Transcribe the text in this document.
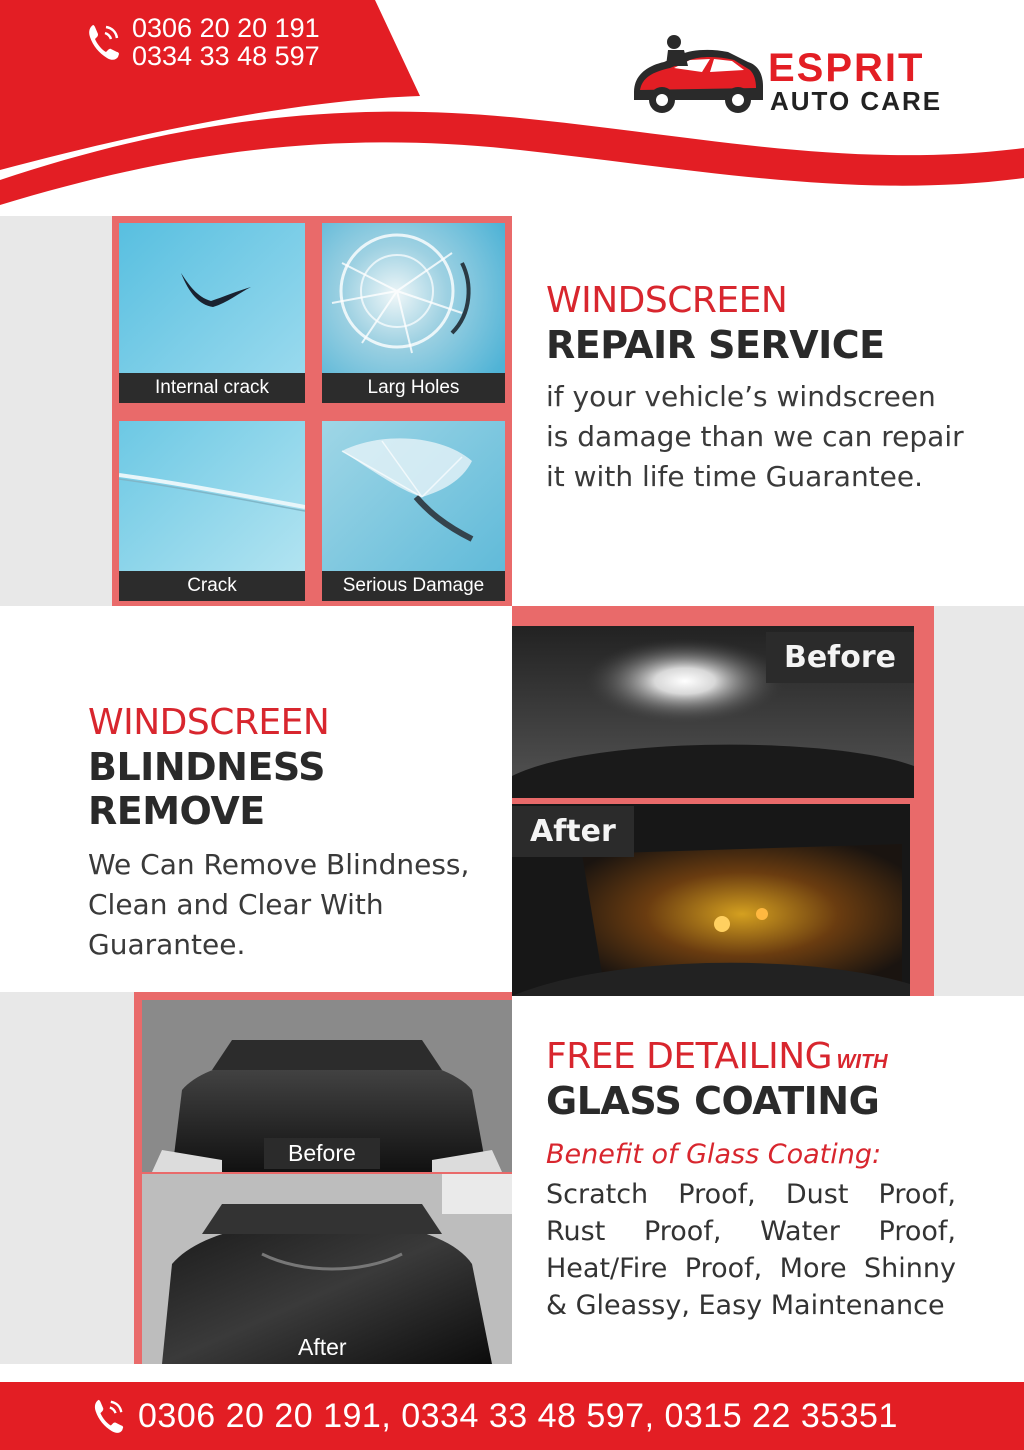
0306 20 20 191
0334 33 48 597	ESPRIT
AUTO CARE
Internal crack	Larg Holes
Crack	Serious Damage
WINDSCREEN
REPAIR SERVICE
if your vehicle’s windscreen is damage than we can repair it with life time Guarantee.
WINDSCREEN
BLINDNESS REMOVE
We Can Remove Blindness, Clean and Clear With Guarantee.
Before
After
Before
After
FREE DETAILING WITH
GLASS COATING
Benefit of Glass Coating:
Scratch Proof, Dust Proof, Rust Proof, Water Proof, Heat/Fire Proof, More Shinny & Gleassy, Easy Maintenance
0306 20 20 191, 0334 33 48 597, 0315 22 35351
